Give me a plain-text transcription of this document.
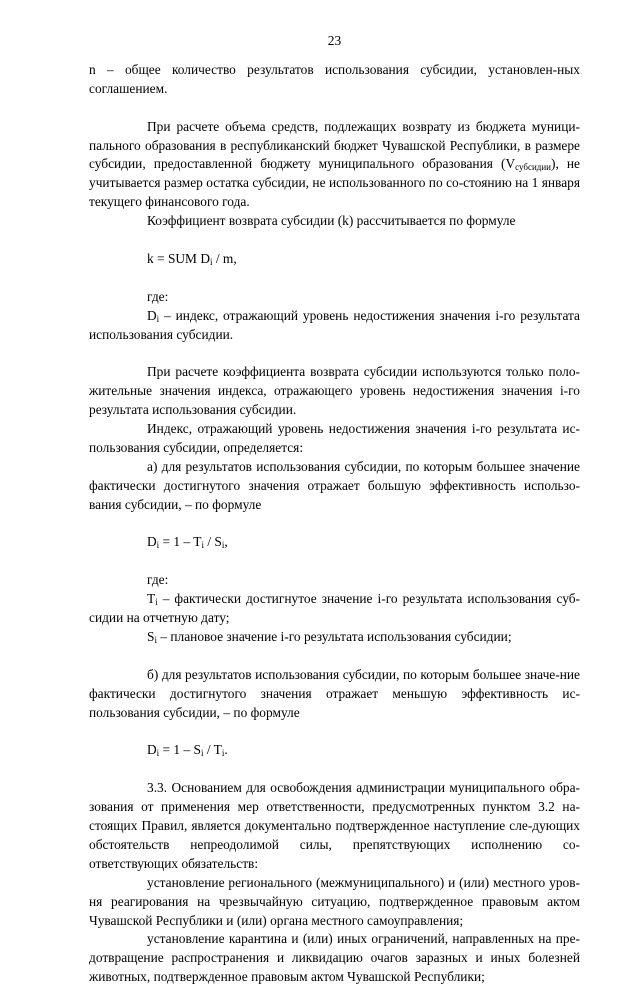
23

n – общее количество результатов использования субсидии, установлен-ных соглашением.

При расчете объема средств, подлежащих возврату из бюджета муници-пального образования в республиканский бюджет Чувашской Республики, в размере субсидии, предоставленной бюджету муниципального образования $(V_{субсидии})$, не учитывается размер остатка субсидии, не использованного по со-стоянию на 1 января текущего финансового года.

Коэффициент возврата субсидии (k) рассчитывается по формуле

k = SUM $D_i$ / m,

где:

$D_i$ – индекс, отражающий уровень недостижения значения i-го результата использования субсидии.

При расчете коэффициента возврата субсидии используются только поло-жительные значения индекса, отражающего уровень недостижения значения i-го результата использования субсидии.

Индекс, отражающий уровень недостижения значения i-го результата ис-пользования субсидии, определяется:

а) для результатов использования субсидии, по которым большее значение фактически достигнутого значения отражает большую эффективность использо-вания субсидии, – по формуле

$D_i = 1 - T_i / S_i$,

где:

$T_i$ – фактически достигнутое значение i-го результата использования суб-сидии на отчетную дату;

$S_i$ – плановое значение i-го результата использования субсидии;

б) для результатов использования субсидии, по которым большее значе-ние фактически достигнутого значения отражает меньшую эффективность ис-пользования субсидии, – по формуле

$D_i = 1 - S_i / T_i$.

3.3. Основанием для освобождения администрации муниципального обра-зования от применения мер ответственности, предусмотренных пунктом 3.2 на-стоящих Правил, является документально подтвержденное наступление сле-дующих обстоятельств непреодолимой силы, препятствующих исполнению со-ответствующих обязательств:

установление регионального (межмуниципального) и (или) местного уров-ня реагирования на чрезвычайную ситуацию, подтвержденное правовым актом Чувашской Республики и (или) органа местного самоуправления;

установление карантина и (или) иных ограничений, направленных на пре-дотвращение распространения и ликвидацию очагов заразных и иных болезней животных, подтвержденное правовым актом Чувашской Республики;
